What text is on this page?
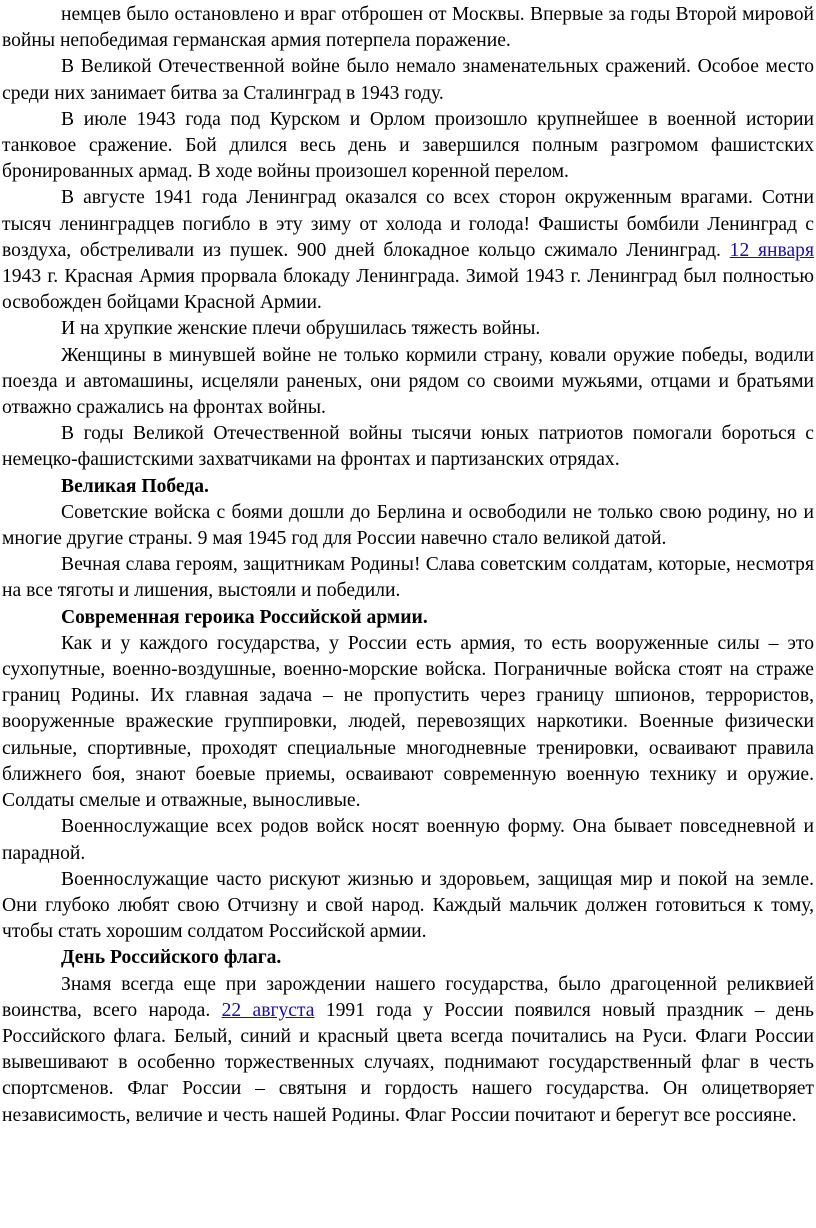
немцев было остановлено и враг отброшен от Москвы. Впервые за годы Второй мировой войны непобедимая германская армия потерпела поражение.

В Великой Отечественной войне было немало знаменательных сражений. Особое место среди них занимает битва за Сталинград в 1943 году.

В июле 1943 года под Курском и Орлом произошло крупнейшее в военной истории танковое сражение. Бой длился весь день и завершился полным разгромом фашистских бронированных армад. В ходе войны произошел коренной перелом.

В августе 1941 года Ленинград оказался со всех сторон окруженным врагами. Сотни тысяч ленинградцев погибло в эту зиму от холода и голода! Фашисты бомбили Ленинград с воздуха, обстреливали из пушек. 900 дней блокадное кольцо сжимало Ленинград. 12 января 1943 г. Красная Армия прорвала блокаду Ленинграда. Зимой 1943 г. Ленинград был полностью освобожден бойцами Красной Армии.

И на хрупкие женские плечи обрушилась тяжесть войны.

Женщины в минувшей войне не только кормили страну, ковали оружие победы, водили поезда и автомашины, исцеляли раненых, они рядом со своими мужьями, отцами и братьями отважно сражались на фронтах войны.

В годы Великой Отечественной войны тысячи юных патриотов помогали бороться с немецко-фашистскими захватчиками на фронтах и партизанских отрядах.

Великая Победа.

Советские войска с боями дошли до Берлина и освободили не только свою родину, но и многие другие страны. 9 мая 1945 год для России навечно стало великой датой.

Вечная слава героям, защитникам Родины! Слава советским солдатам, которые, несмотря на все тяготы и лишения, выстояли и победили.

Современная героика Российской армии.

Как и у каждого государства, у России есть армия, то есть вооруженные силы – это сухопутные, военно-воздушные, военно-морские войска. Пограничные войска стоят на страже границ Родины. Их главная задача – не пропустить через границу шпионов, террористов, вооруженные вражеские группировки, людей, перевозящих наркотики. Военные физически сильные, спортивные, проходят специальные многодневные тренировки, осваивают правила ближнего боя, знают боевые приемы, осваивают современную военную технику и оружие. Солдаты смелые и отважные, выносливые.

Военнослужащие всех родов войск носят военную форму. Она бывает повседневной и парадной.

Военнослужащие часто рискуют жизнью и здоровьем, защищая мир и покой на земле. Они глубоко любят свою Отчизну и свой народ. Каждый мальчик должен готовиться к тому, чтобы стать хорошим солдатом Российской армии.

День Российского флага.

Знамя всегда еще при зарождении нашего государства, было драгоценной реликвией воинства, всего народа. 22 августа 1991 года у России появился новый праздник – день Российского флага. Белый, синий и красный цвета всегда почитались на Руси. Флаги России вывешивают в особенно торжественных случаях, поднимают государственный флаг в честь спортсменов. Флаг России – святыня и гордость нашего государства. Он олицетворяет независимость, величие и честь нашей Родины. Флаг России почитают и берегут все россияне.
